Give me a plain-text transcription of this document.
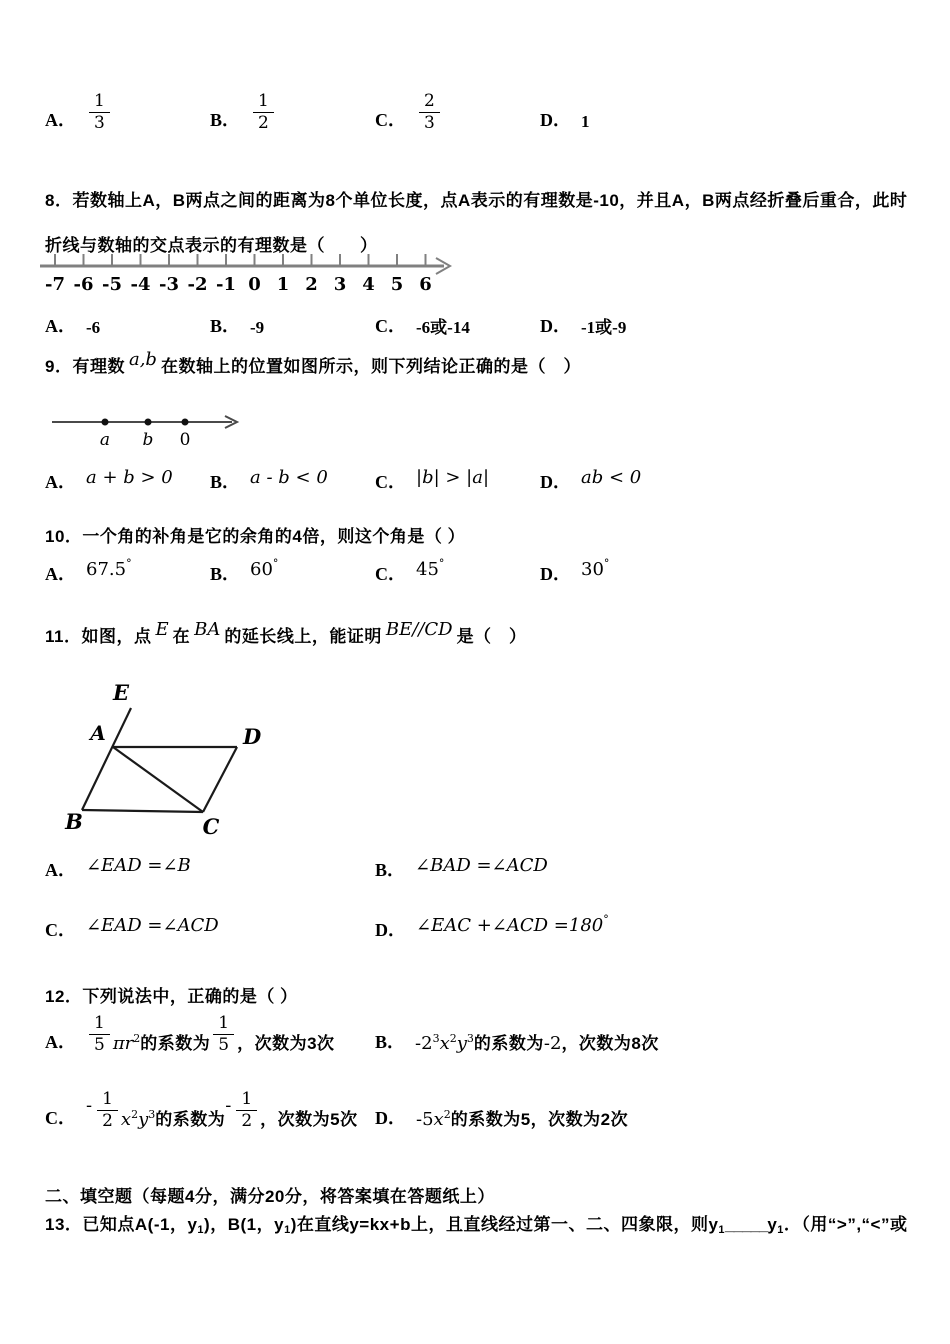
A． $\frac{1}{3}$	B． $\frac{1}{2}$	C． $\frac{2}{3}$	D． 1
8．若数轴上A，B两点之间的距离为8个单位长度，点A表示的有理数是-10，并且A，B两点经折叠后重合，此时
折线与数轴的交点表示的有理数是（　　）
-7 -6 -5 -4 -3 -2 -1 0 1 2 3 4 5 6
A． -6	B． -9	C． -6或-14	D． -1或-9
9．有理数 a,b 在数轴上的位置如图所示，则下列结论正确的是（　）
a b 0
A． a + b > 0 B． a - b < 0	C． |b| > |a|	D． ab < 0
10．一个角的补角是它的余角的4倍，则这个角是（ ）
A． 67.5°
B． 60°
C． 45°
D． 30°
11．如图，点 E 在 BA 的延长线上，能证明 BE//CD 是（　）
E
A	D
B	C
A． ∠EAD =∠B	B． ∠BAD =∠ACD
C． ∠EAD =∠ACD	D． ∠EAC +∠ACD =180°
12．下列说法中，正确的是（ ）
A． $\frac{1}{5} \pi r^2$ 的系数为 $\frac{1}{5}$ ，次数为3次 B． $-2^3x^2y^3$ 的系数为 -2 ，次数为8次
C．
- $\frac{1}{2} x^2y^3$ 的系数为
- $\frac{1}{2}$ ，次数为5次 D． $-5x^2$ 的系数为5，次数为2次
二、填空题（每题4分，满分20分，将答案填在答题纸上）
13．已知点A(-1，y1)，B(1，y1)在直线y=kx+b上，且直线经过第一、二、四象限，则y1_____y1．（用“>”,“<”或
